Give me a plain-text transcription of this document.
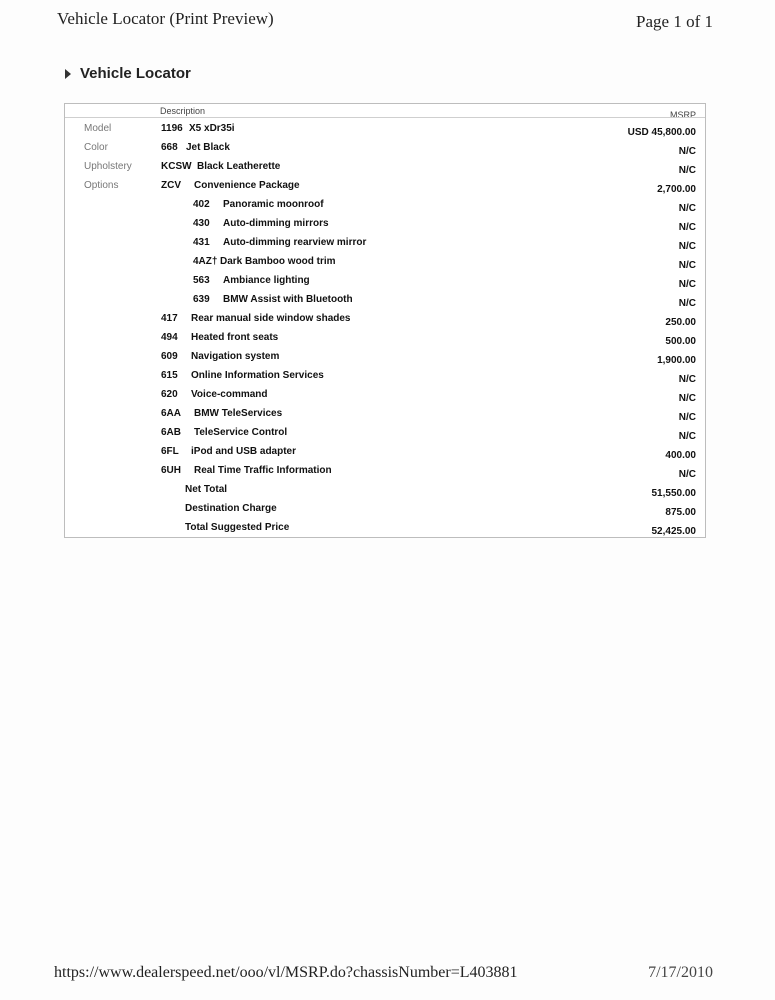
Vehicle Locator (Print Preview)	Page 1 of 1
Vehicle Locator
Description	MSRP
Model	1196 X5 xDr35i	USD 45,800.00
Color	668 Jet Black	N/C
Upholstery	KCSW Black Leatherette	N/C
Options	ZCV Convenience Package	2,700.00
402 Panoramic moonroof	N/C
430 Auto-dimming mirrors	N/C
431 Auto-dimming rearview mirror	N/C
4AZ† Dark Bamboo wood trim	N/C
563 Ambiance lighting	N/C
639 BMW Assist with Bluetooth	N/C
417 Rear manual side window shades	250.00
494 Heated front seats	500.00
609 Navigation system	1,900.00
615 Online Information Services	N/C
620 Voice-command	N/C
6AA BMW TeleServices	N/C
6AB TeleService Control	N/C
6FL iPod and USB adapter	400.00
6UH Real Time Traffic Information	N/C
Net Total	51,550.00
Destination Charge	875.00
Total Suggested Price	52,425.00
https://www.dealerspeed.net/ooo/vl/MSRP.do?chassisNumber=L403881	7/17/2010
